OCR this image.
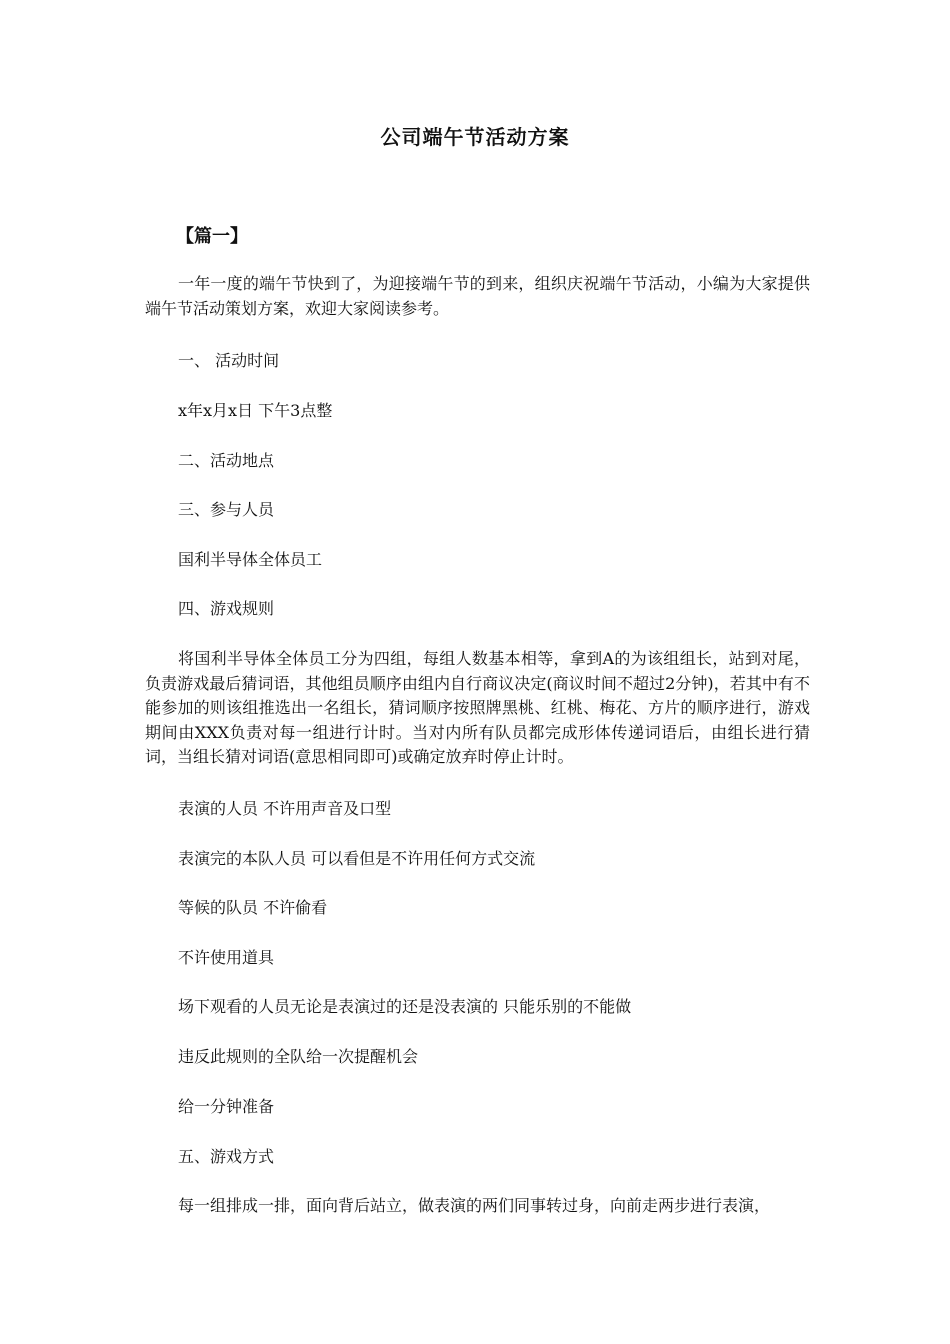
公司端午节活动方案
【篇一】

一年一度的端午节快到了，为迎接端午节的到来，组织庆祝端午节活动，小编为大家提供端午节活动策划方案，欢迎大家阅读参考。

一、 活动时间

x年x月x日 下午3点整

二、活动地点

三、参与人员

国利半导体全体员工

四、游戏规则

将国利半导体全体员工分为四组，每组人数基本相等，拿到A的为该组组长，站到对尾，负责游戏最后猜词语，其他组员顺序由组内自行商议决定(商议时间不超过2分钟)，若其中有不能参加的则该组推选出一名组长，猜词顺序按照牌黑桃、红桃、梅花、方片的顺序进行，游戏期间由XXX负责对每一组进行计时。当对内所有队员都完成形体传递词语后，由组长进行猜词，当组长猜对词语(意思相同即可)或确定放弃时停止计时。

表演的人员 不许用声音及口型

表演完的本队人员 可以看但是不许用任何方式交流

等候的队员 不许偷看

不许使用道具

场下观看的人员无论是表演过的还是没表演的 只能乐别的不能做

违反此规则的全队给一次提醒机会

给一分钟准备

五、游戏方式

每一组排成一排，面向背后站立，做表演的两们同事转过身，向前走两步进行表演，
